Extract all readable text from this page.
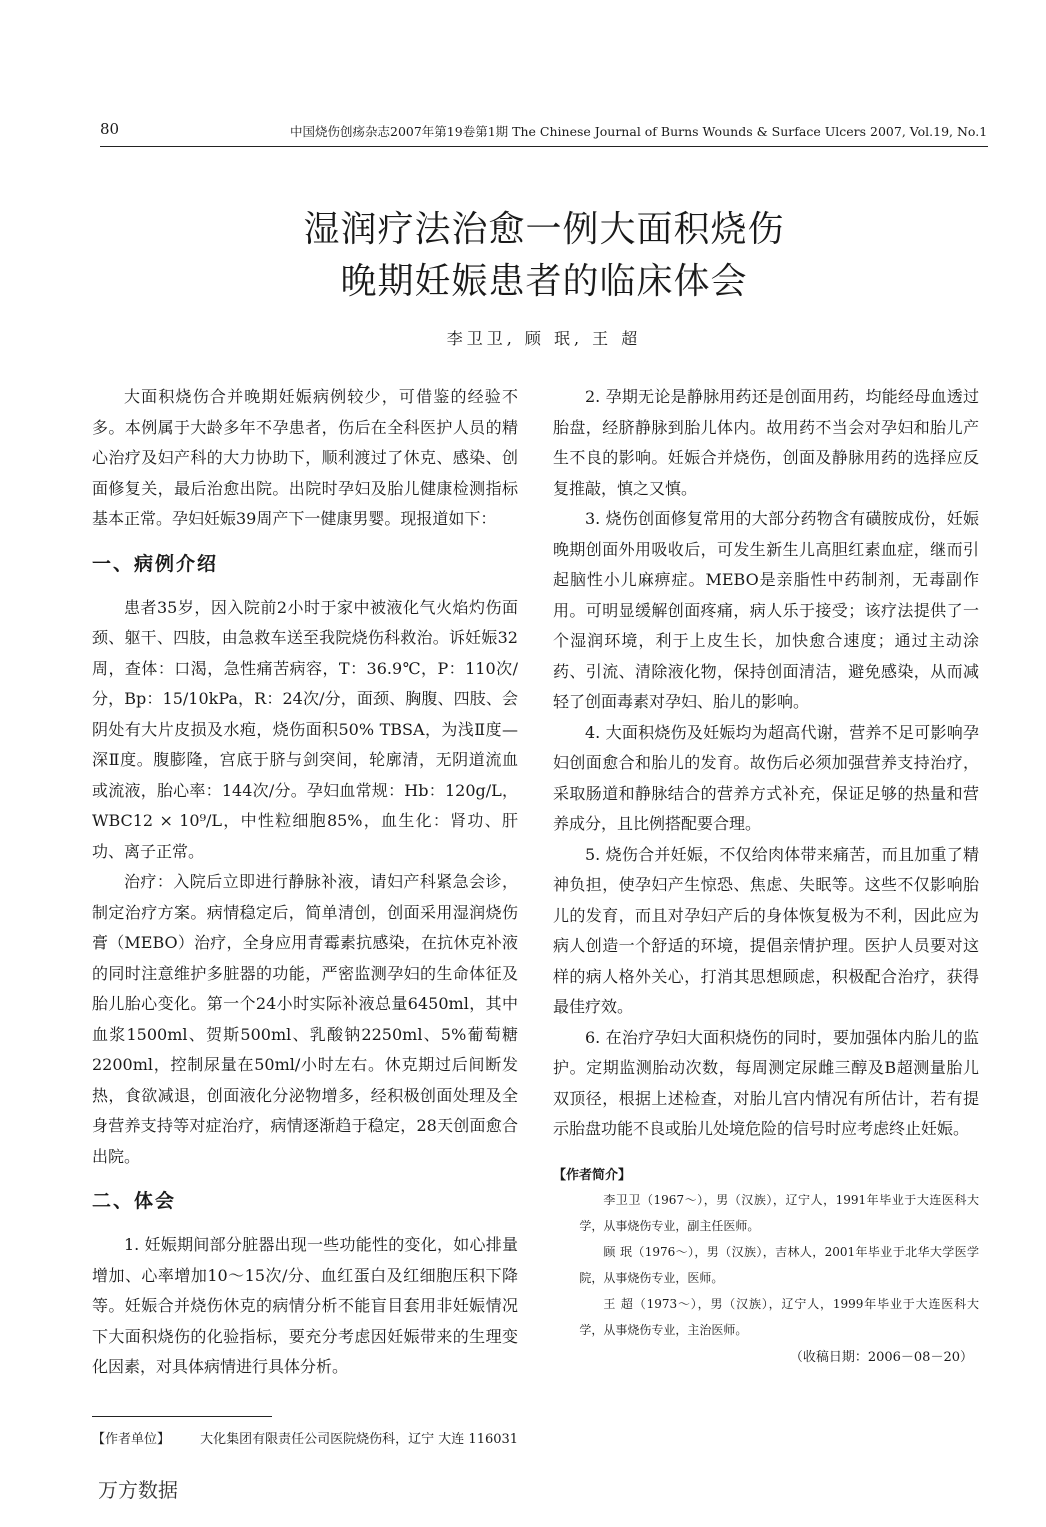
80	中国烧伤创疡杂志2007年第19卷第1期 The Chinese Journal of Burns Wounds & Surface Ulcers 2007, Vol.19, No.1
湿润疗法治愈一例大面积烧伤
晚期妊娠患者的临床体会
李卫卫, 顾 珉, 王 超

大面积烧伤合并晚期妊娠病例较少，可借鉴的经验不多。本例属于大龄多年不孕患者，伤后在全科医护人员的精心治疗及妇产科的大力协助下，顺利渡过了休克、感染、创面修复关，最后治愈出院。出院时孕妇及胎儿健康检测指标基本正常。孕妇妊娠39周产下一健康男婴。现报道如下：

一、病例介绍

患者35岁，因入院前2小时于家中被液化气火焰灼伤面颈、躯干、四肢，由急救车送至我院烧伤科救治。诉妊娠32周，查体：口渴，急性痛苦病容，T：36.9℃，P：110次/分，Bp：15/10kPa，R：24次/分，面颈、胸腹、四肢、会阴处有大片皮损及水疱，烧伤面积50% TBSA，为浅Ⅱ度—深Ⅱ度。腹膨隆，宫底于脐与剑突间，轮廓清，无阴道流血或流液，胎心率：144次/分。孕妇血常规：Hb：120g/L，WBC12 × 10⁹/L，中性粒细胞85%，血生化：肾功、肝功、离子正常。

治疗：入院后立即进行静脉补液，请妇产科紧急会诊，制定治疗方案。病情稳定后，简单清创，创面采用湿润烧伤膏（MEBO）治疗，全身应用青霉素抗感染，在抗休克补液的同时注意维护多脏器的功能，严密监测孕妇的生命体征及胎儿胎心变化。第一个24小时实际补液总量6450ml，其中血浆1500ml、贺斯500ml、乳酸钠2250ml、5%葡萄糖2200ml，控制尿量在50ml/小时左右。休克期过后间断发热，食欲减退，创面液化分泌物增多，经积极创面处理及全身营养支持等对症治疗，病情逐渐趋于稳定，28天创面愈合出院。

二、体会

1. 妊娠期间部分脏器出现一些功能性的变化，如心排量增加、心率增加10～15次/分、血红蛋白及红细胞压积下降等。妊娠合并烧伤休克的病情分析不能盲目套用非妊娠情况下大面积烧伤的化验指标，要充分考虑因妊娠带来的生理变化因素，对具体病情进行具体分析。

2. 孕期无论是静脉用药还是创面用药，均能经母血透过胎盘，经脐静脉到胎儿体内。故用药不当会对孕妇和胎儿产生不良的影响。妊娠合并烧伤，创面及静脉用药的选择应反复推敲，慎之又慎。

3. 烧伤创面修复常用的大部分药物含有磺胺成份，妊娠晚期创面外用吸收后，可发生新生儿高胆红素血症，继而引起脑性小儿麻痹症。MEBO是亲脂性中药制剂，无毒副作用。可明显缓解创面疼痛，病人乐于接受；该疗法提供了一个湿润环境，利于上皮生长，加快愈合速度；通过主动涂药、引流、清除液化物，保持创面清洁，避免感染，从而减轻了创面毒素对孕妇、胎儿的影响。

4. 大面积烧伤及妊娠均为超高代谢，营养不足可影响孕妇创面愈合和胎儿的发育。故伤后必须加强营养支持治疗，采取肠道和静脉结合的营养方式补充，保证足够的热量和营养成分，且比例搭配要合理。

5. 烧伤合并妊娠，不仅给肉体带来痛苦，而且加重了精神负担，使孕妇产生惊恐、焦虑、失眠等。这些不仅影响胎儿的发育，而且对孕妇产后的身体恢复极为不利，因此应为病人创造一个舒适的环境，提倡亲情护理。医护人员要对这样的病人格外关心，打消其思想顾虑，积极配合治疗，获得最佳疗效。

6. 在治疗孕妇大面积烧伤的同时，要加强体内胎儿的监护。定期监测胎动次数，每周测定尿雌三醇及B超测量胎儿双顶径，根据上述检查，对胎儿宫内情况有所估计，若有提示胎盘功能不良或胎儿处境危险的信号时应考虑终止妊娠。

【作者简介】

李卫卫（1967～），男（汉族），辽宁人，1991年毕业于大连医科大学，从事烧伤专业，副主任医师。

顾 珉（1976～），男（汉族），吉林人，2001年毕业于北华大学医学院，从事烧伤专业，医师。

王 超（1973～），男（汉族），辽宁人，1999年毕业于大连医科大学，从事烧伤专业，主治医师。

（收稿日期：2006－08－20）
【作者单位】 大化集团有限责任公司医院烧伤科，辽宁 大连 116031
万方数据
